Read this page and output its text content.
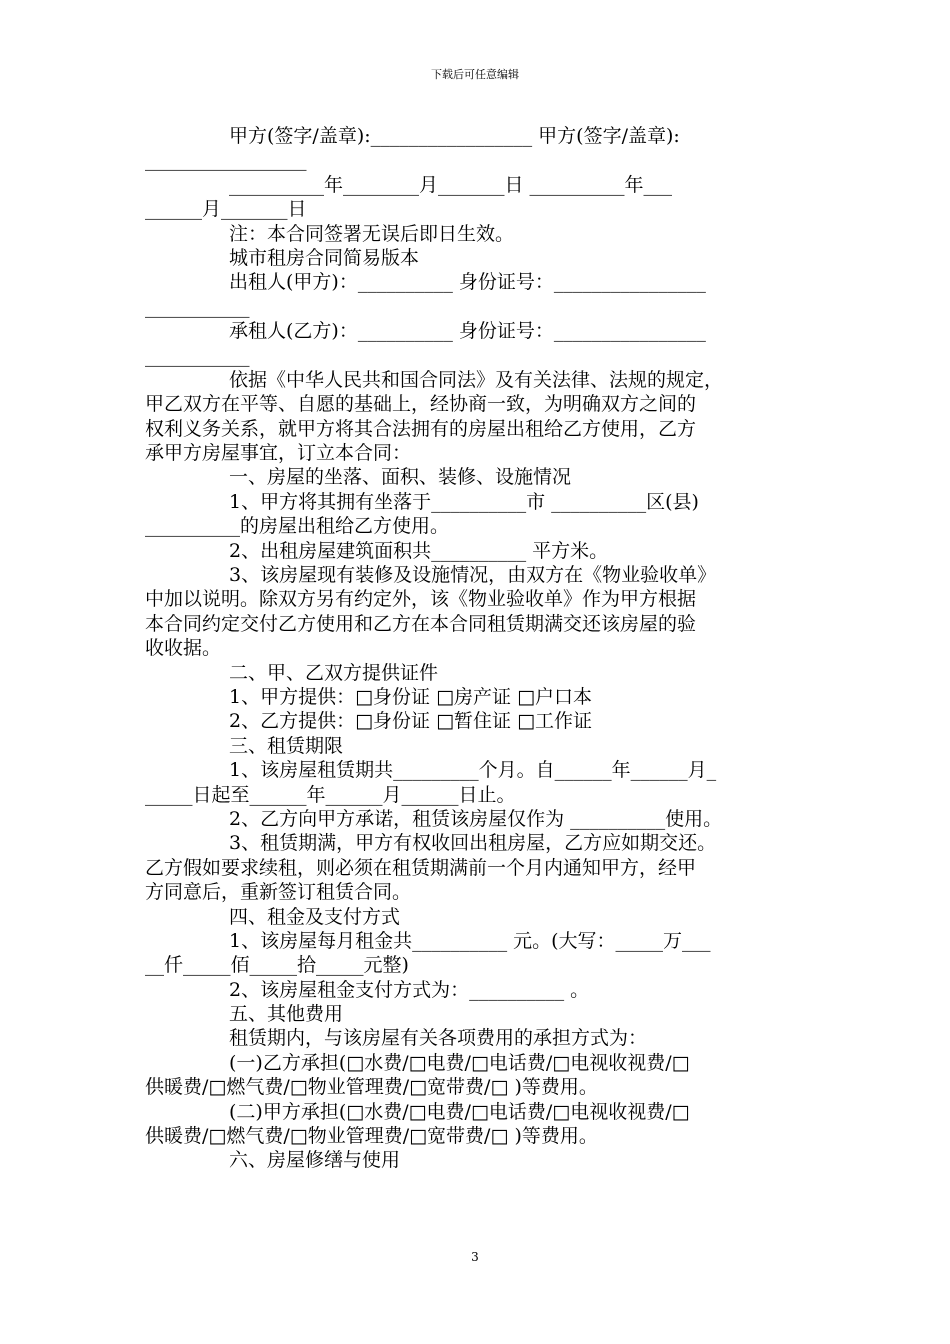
下载后可任意编辑
甲方(签字/盖章):_________________ 甲方(签字/盖章):
_________________
__________年________月_______日 __________年___
______月_______日
注：本合同签署无误后即日生效。
城市租房合同简易版本
出租人(甲方)：__________ 身份证号：________________
___________
承租人(乙方)：__________ 身份证号：________________
___________
依据《中华人民共和国合同法》及有关法律、法规的规定，
甲乙双方在平等、自愿的基础上，经协商一致，为明确双方之间的
权利义务关系，就甲方将其合法拥有的房屋出租给乙方使用，乙方
承甲方房屋事宜，订立本合同：
一、房屋的坐落、面积、装修、设施情况
1、甲方将其拥有坐落于__________市 __________区(县)
__________的房屋出租给乙方使用。
2、出租房屋建筑面积共__________ 平方米。
3、该房屋现有装修及设施情况，由双方在《物业验收单》
中加以说明。除双方另有约定外，该《物业验收单》作为甲方根据
本合同约定交付乙方使用和乙方在本合同租赁期满交还该房屋的验
收收据。
二、甲、乙双方提供证件
1、甲方提供：□身份证 □房产证 □户口本
2、乙方提供：□身份证 □暂住证 □工作证
三、租赁期限
1、该房屋租赁期共_________个月。自______年______月_
_____日起至______年______月______日止。
2、乙方向甲方承诺，租赁该房屋仅作为 __________使用。
3、租赁期满，甲方有权收回出租房屋，乙方应如期交还。
乙方假如要求续租，则必须在租赁期满前一个月内通知甲方，经甲
方同意后，重新签订租赁合同。
四、租金及支付方式
1、该房屋每月租金共__________ 元。(大写：_____万___
__仟_____佰_____拾_____元整)
2、该房屋租金支付方式为：__________ 。
五、其他费用
租赁期内，与该房屋有关各项费用的承担方式为：
(一)乙方承担(□水费/□电费/□电话费/□电视收视费/□
供暖费/□燃气费/□物业管理费/□宽带费/□ )等费用。
(二)甲方承担(□水费/□电费/□电话费/□电视收视费/□
供暖费/□燃气费/□物业管理费/□宽带费/□ )等费用。
六、房屋修缮与使用
3
